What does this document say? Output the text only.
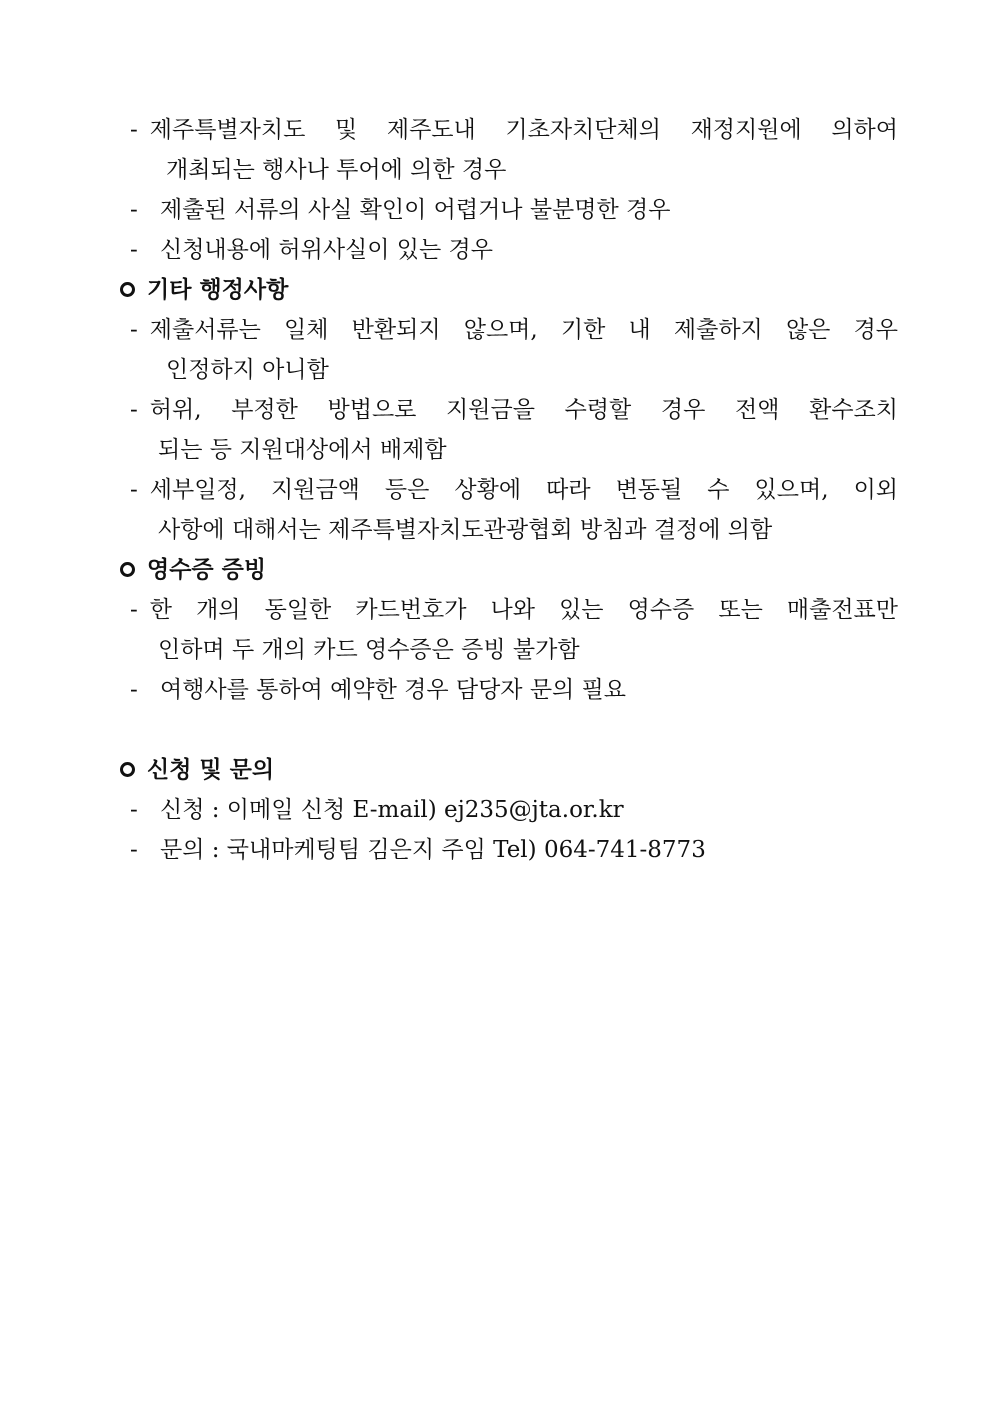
- 제주특별자치도 및 제주도내 기초자치단체의 재정지원에 의하여
개최되는 행사나 투어에 의한 경우
- 제출된 서류의 사실 확인이 어렵거나 불분명한 경우
- 신청내용에 허위사실이 있는 경우
기타 행정사항
- 제출서류는 일체 반환되지 않으며, 기한 내 제출하지 않은 경우
인정하지 아니함
- 허위, 부정한 방법으로 지원금을 수령할 경우 전액 환수조치
되는 등 지원대상에서 배제함
- 세부일정, 지원금액 등은 상황에 따라 변동될 수 있으며, 이외
사항에 대해서는 제주특별자치도관광협회 방침과 결정에 의함
영수증 증빙
- 한 개의 동일한 카드번호가 나와 있는 영수증 또는 매출전표만
인하며 두 개의 카드 영수증은 증빙 불가함
- 여행사를 통하여 예약한 경우 담당자 문의 필요
신청 및 문의
- 신청 : 이메일 신청 E-mail) ej235@jta.or.kr
- 문의 : 국내마케팅팀 김은지 주임 Tel) 064-741-8773
